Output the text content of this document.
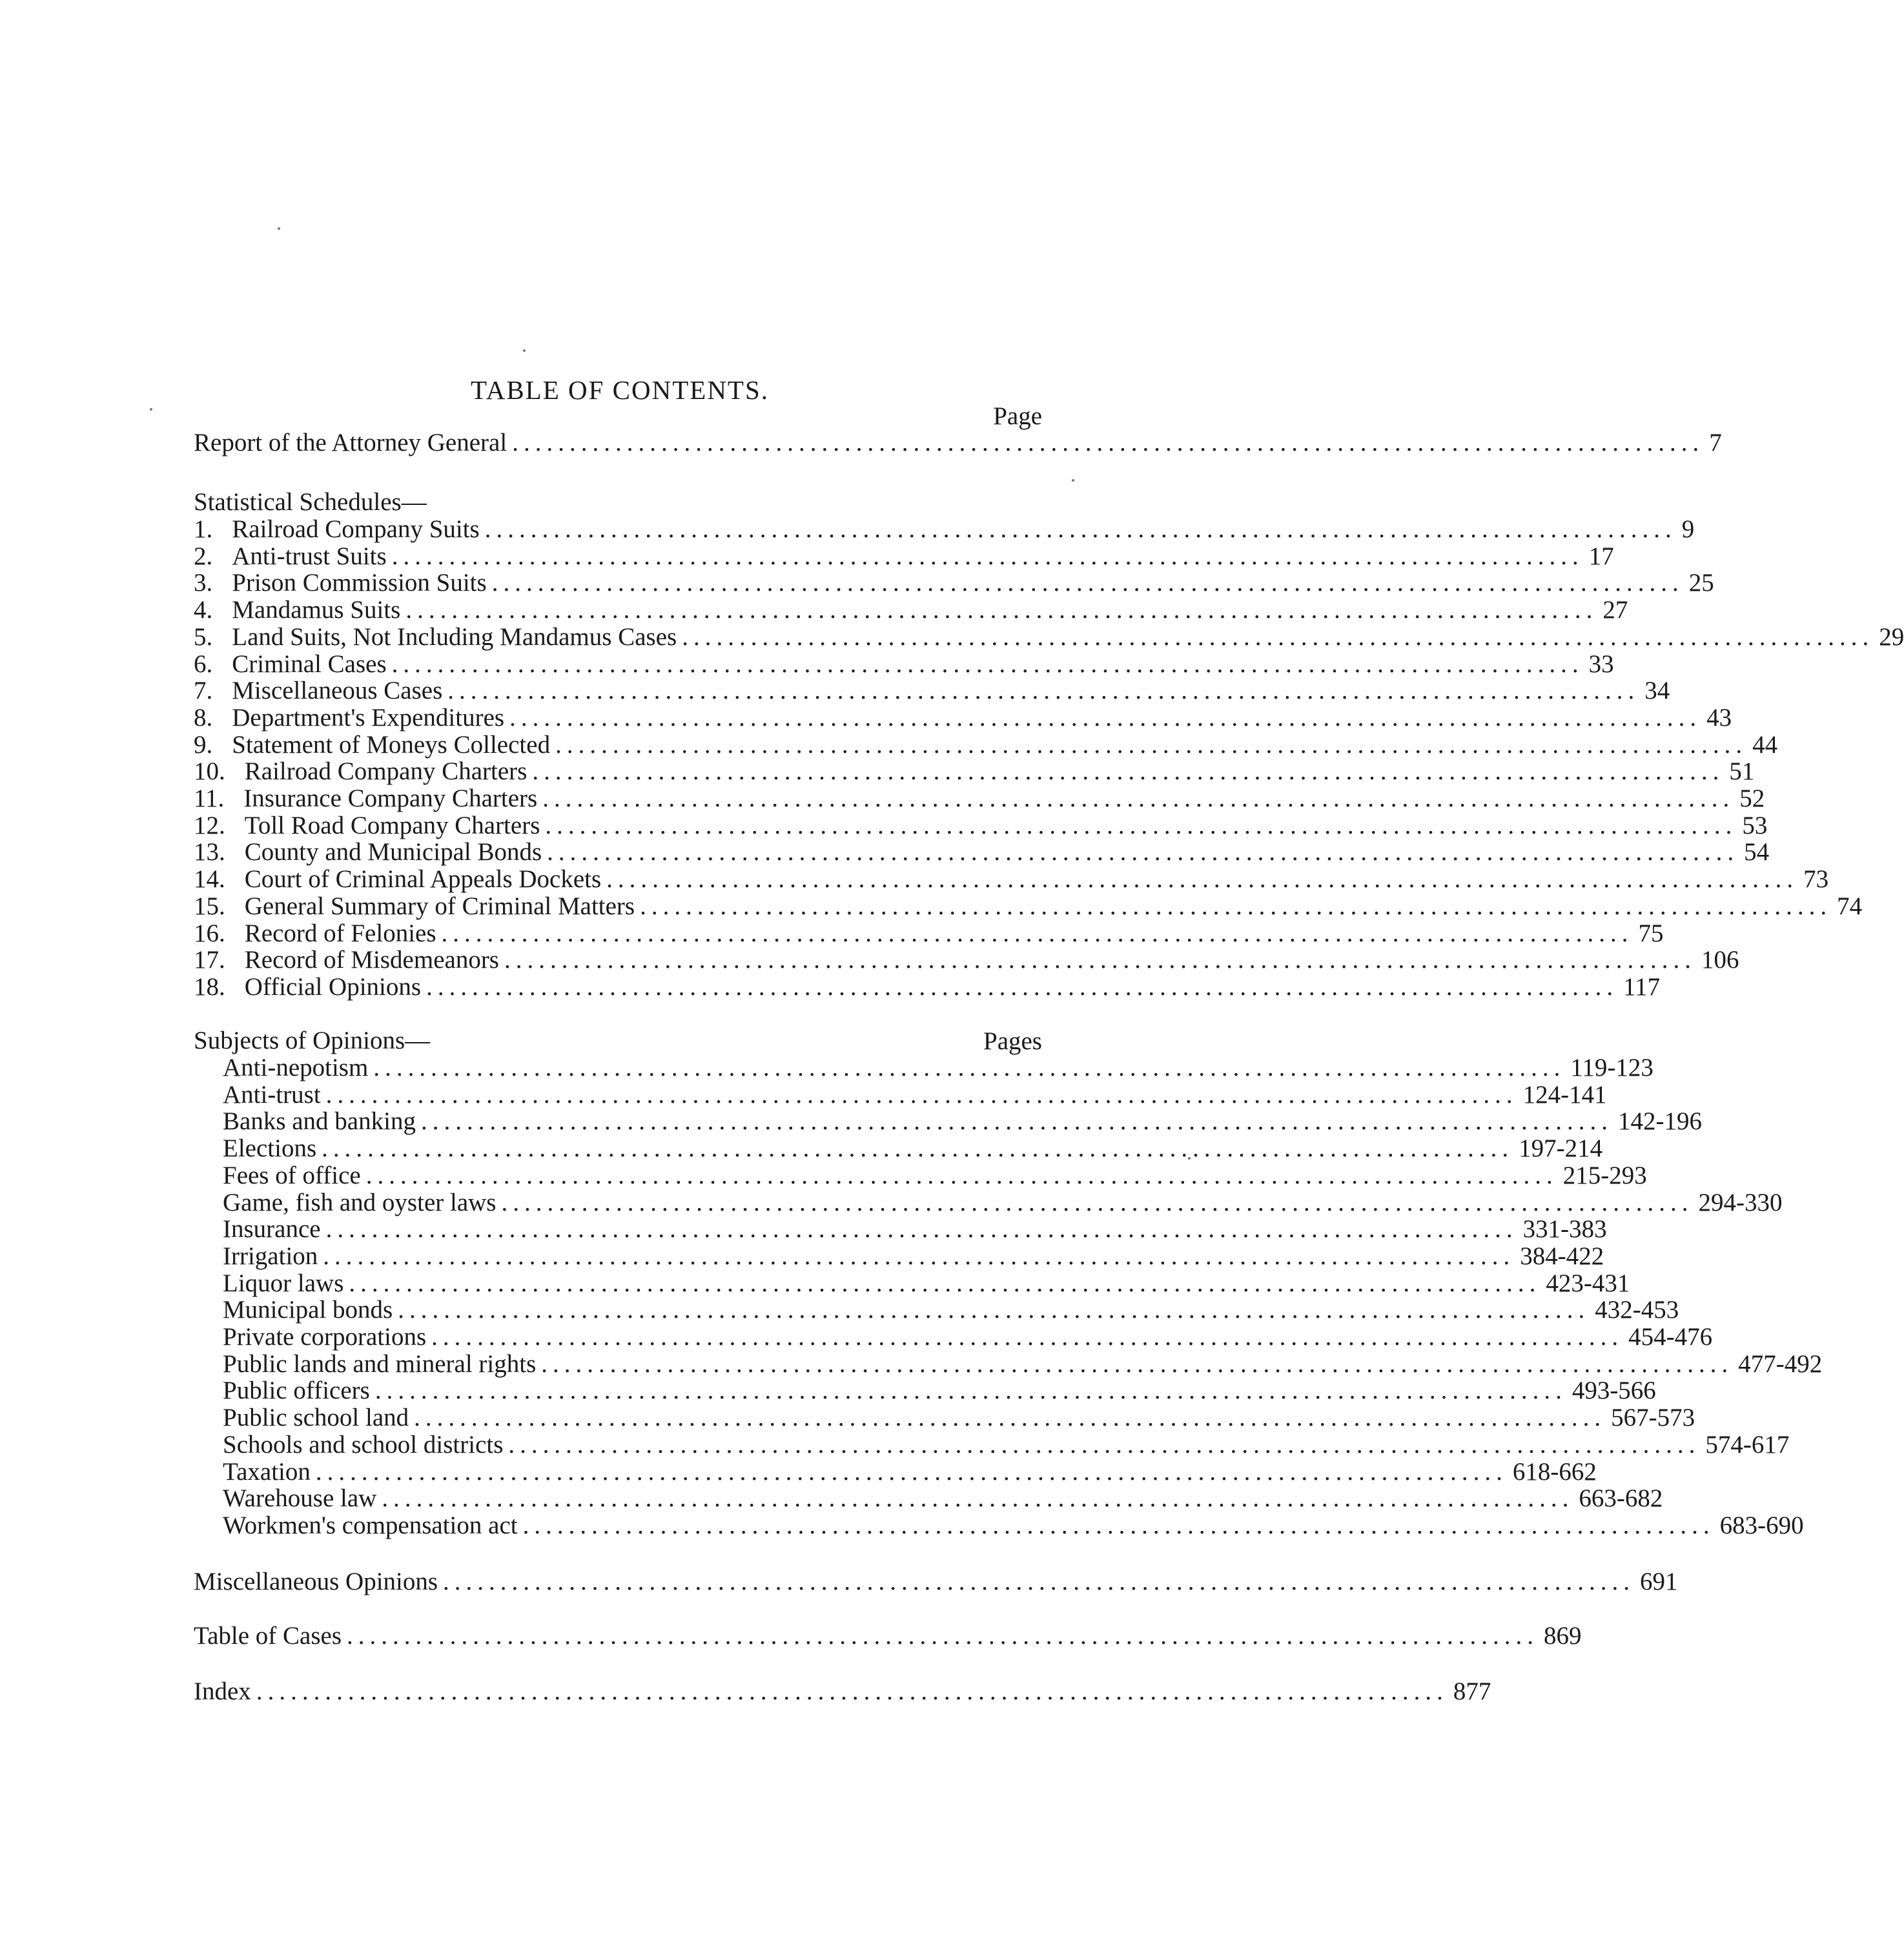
TABLE OF CONTENTS.
Page
Report of the Attorney General ........................................................................................................ 7
Statistical Schedules—
1. Railroad Company Suits ........................................................................................................ 9
2. Anti-trust Suits ........................................................................................................ 17
3. Prison Commission Suits ........................................................................................................ 25
4. Mandamus Suits ........................................................................................................ 27
5. Land Suits, Not Including Mandamus Cases ........................................................................................................ 29
6. Criminal Cases ........................................................................................................ 33
7. Miscellaneous Cases ........................................................................................................ 34
8. Department's Expenditures ........................................................................................................ 43
9. Statement of Moneys Collected ........................................................................................................ 44
10. Railroad Company Charters ........................................................................................................ 51
11. Insurance Company Charters ........................................................................................................ 52
12. Toll Road Company Charters ........................................................................................................ 53
13. County and Municipal Bonds ........................................................................................................ 54
14. Court of Criminal Appeals Dockets ........................................................................................................ 73
15. General Summary of Criminal Matters ........................................................................................................ 74
16. Record of Felonies ........................................................................................................ 75
17. Record of Misdemeanors ........................................................................................................ 106
18. Official Opinions ........................................................................................................ 117
Subjects of Opinions—	Pages
Anti-nepotism ........................................................................................................ 119-123
Anti-trust ........................................................................................................ 124-141
Banks and banking ........................................................................................................ 142-196
Elections ........................................................................................................ 197-214
Fees of office ........................................................................................................ 215-293
Game, fish and oyster laws ........................................................................................................ 294-330
Insurance ........................................................................................................ 331-383
Irrigation ........................................................................................................ 384-422
Liquor laws ........................................................................................................ 423-431
Municipal bonds ........................................................................................................ 432-453
Private corporations ........................................................................................................ 454-476
Public lands and mineral rights ........................................................................................................ 477-492
Public officers ........................................................................................................ 493-566
Public school land ........................................................................................................ 567-573
Schools and school districts ........................................................................................................ 574-617
Taxation ........................................................................................................ 618-662
Warehouse law ........................................................................................................ 663-682
Workmen's compensation act ........................................................................................................ 683-690
Miscellaneous Opinions ........................................................................................................ 691
Table of Cases ........................................................................................................ 869
Index ........................................................................................................ 877
